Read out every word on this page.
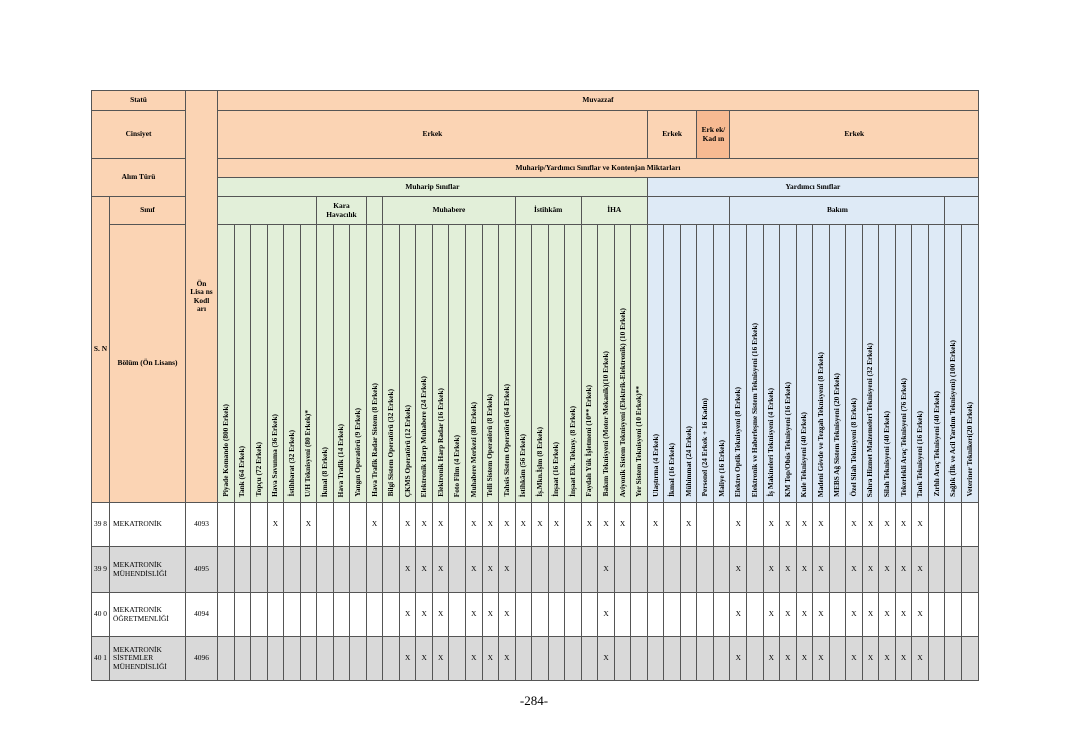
Statü		Ön Lisa ns Kodl arı	Muvazzaf																																													
Cinsiyet			Erkek																										Erkek			Erk ek/ Kad ın		Erkek														
Alım Türü			Muharip/Yardımcı Sınıflar ve Kontenjan Miktarları																																													
			Muharip Sınıflar																										Yardımcı Sınıflar																			
S. N	Sınıf								Kara Havacılık				Muhabere								İstihkâm				İHA									Bakım														
	Bölüm (Ön Lisans)		Piyade Komando (800 Erkek)	Tank (64 Erkek)	Topçu (72 Erkek)	Hava Savunma (36 Erkek)	İstihbarat (32 Erkek)	U/H Teknisyeni (80 Erkek)*	İkmal (8 Erkek)	Hava Trafik (14 Erkek)	Yangın Operatörü (9 Erkek)	Hava Trafik Radar Sistem (8 Erkek)	Bilgi Sistem Operatörü (32 Erkek)	ÇKMS Operatörü (12 Erkek)	Elektronik Harp Muhabere (24 Erkek)	Elektronik Harp Radar (16 Erkek)	Foto Film (4 Erkek)	Muhabere Merkezi (80 Erkek)	Telli Sistem Operatörü (8 Erkek)	Tahsis Sistem Operatörü (64 Erkek)	İstihkâm (56 Erkek)	İş.Mkn.İşlm (8 Erkek)	İnşaat (16 Erkek)	İnşaat Elk. Teknsy. (8 Erkek)	Faydalı Yük İşletmeni (10** Erkek)	Bakım Teknisyeni (Motor Mekanik)(10 Erkek)	Aviyonik Sistem Teknisyeni (Elektrik-Elektronik) (10 Erkek)	Yer Sistem Teknisyeni (10 Erkek)**	Ulaştırma (4 Erkek)	İkmal (16 Erkek)	Mühimmat (24 Erkek)	Personel (24 Erkek + 16 Kadın)	Maliye (16 Erkek)	Elektro Optik Teknisyeni (8 Erkek)	Elektronik ve Haberleşme Sistem Teknisyeni (16 Erkek)	İş Makineleri Teknisyeni (4 Erkek)	KM Top/Obüs Teknisyeni (16 Erkek)	Kule Teknisyeni (40 Erkek)	Madeni Gövde ve Tezgah Teknisyeni (8 Erkek)	MEBS Ağ Sistem Teknisyeni (20 Erkek)	Özel Silah Teknisyeni (8 Erkek)	Sahra Hizmet Malzemeleri Teknisyeni (32 Erkek)	Silah Teknisyeni (40 Erkek)	Tekerlekli Araç Teknisyeni (76 Erkek)	Tank Teknisyeni (16 Erkek)	Zırhlı Araç Teknisyeni (40 Erkek)	Sağlık (İlk ve Acil Yardım Teknisyeni) (100 Erkek)	Veteriner Teknikeri(20 Erkek)
39 8	MEKATRONİK	4093				X		X				X		X	X	X		X	X	X	X	X	X		X	X	X		X		X			X		X	X	X	X		X	X	X	X	X			
39 9	MEKATRONİK MÜHENDİSLİĞİ	4095												X	X	X		X	X	X						X								X		X	X	X	X		X	X	X	X	X			
40 0	MEKATRONİK ÖĞRETMENLİĞİ	4094												X	X	X		X	X	X						X								X		X	X	X	X		X	X	X	X	X			
40 1	MEKATRONİK SİSTEMLER MÜHENDİSLİĞİ	4096												X	X	X		X	X	X						X								X		X	X	X	X		X	X	X	X	X			
-284-
